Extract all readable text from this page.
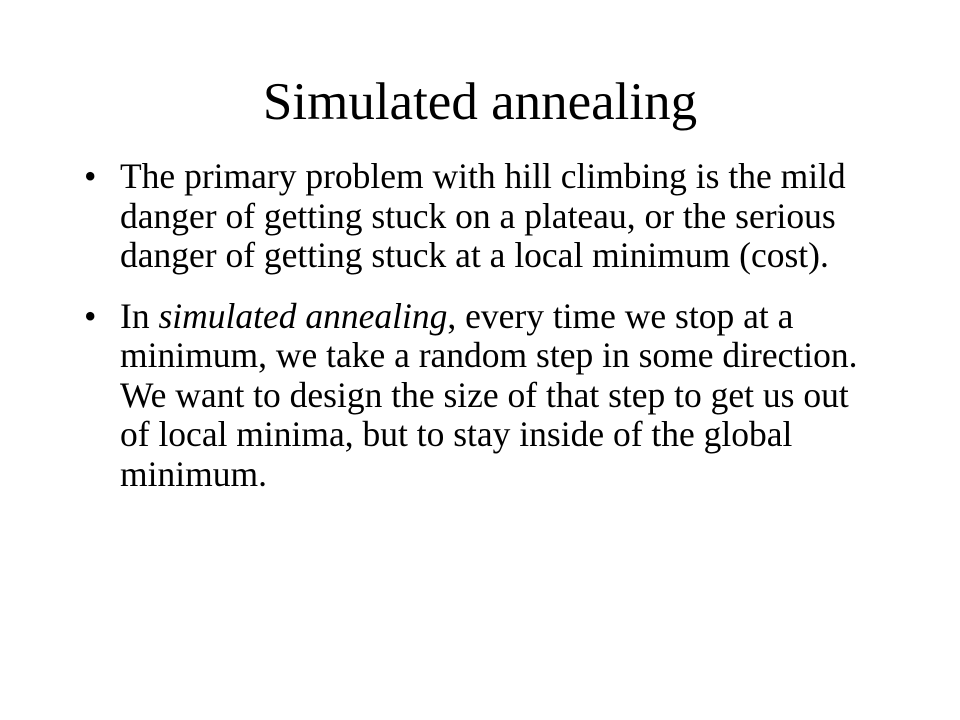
Simulated annealing
• The primary problem with hill climbing is the mild danger of getting stuck on a plateau, or the serious danger of getting stuck at a local minimum (cost).
• In simulated annealing, every time we stop at a minimum, we take a random step in some direction. We want to design the size of that step to get us out of local minima, but to stay inside of the global minimum.
